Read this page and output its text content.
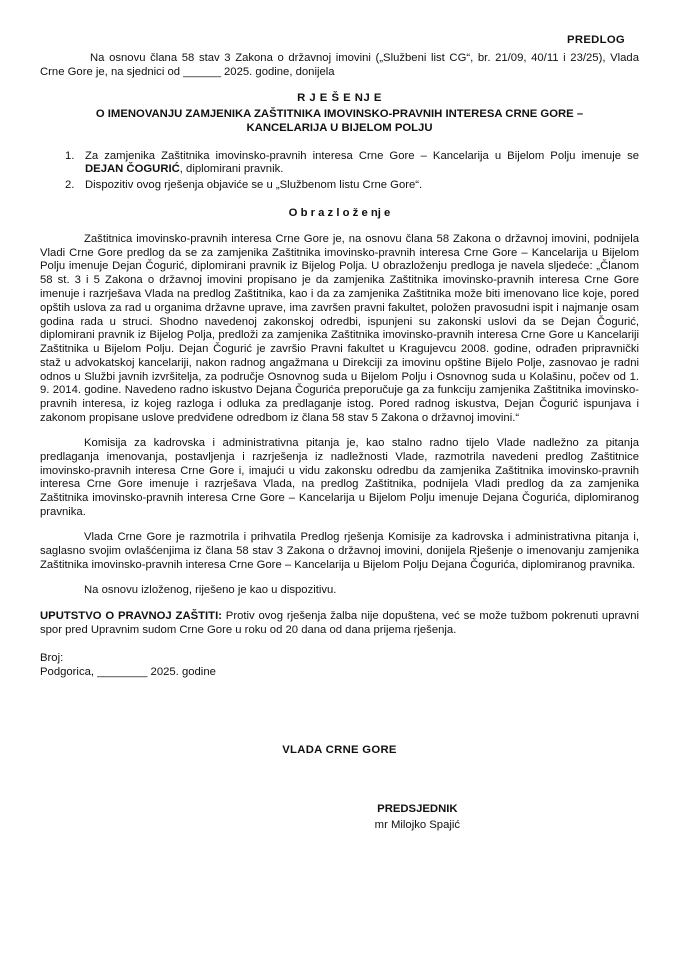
PREDLOG

Na osnovu člana 58 stav 3 Zakona o državnoj imovini („Službeni list CG“, br. 21/09, 40/11 i 23/25), Vlada Crne Gore je, na sjednici od ______ 2025. godine, donijela

R J E Š E NJ E
O IMENOVANJU ZAMJENIKA ZAŠTITNIKA IMOVINSKO-PRAVNIH INTERESA CRNE GORE – KANCELARIJA U BIJELOM POLJU
1. Za zamjenika Zaštitnika imovinsko-pravnih interesa Crne Gore – Kancelarija u Bijelom Polju imenuje se DEJAN ČOGURIĆ, diplomirani pravnik.
2. Dispozitiv ovog rješenja objaviće se u „Službenom listu Crne Gore“.
O b r a z l o ž e nj e

Zaštitnica imovinsko-pravnih interesa Crne Gore je, na osnovu člana 58 Zakona o državnoj imovini, podnijela Vladi Crne Gore predlog da se za zamjenika Zaštitnika imovinsko-pravnih interesa Crne Gore – Kancelarija u Bijelom Polju imenuje Dejan Čogurić, diplomirani pravnik iz Bijelog Polja. U obrazloženju predloga je navela sljedeće: „Članom 58 st. 3 i 5 Zakona o državnoj imovini propisano je da zamjenika Zaštitnika imovinsko-pravnih interesa Crne Gore imenuje i razrješava Vlada na predlog Zaštitnika, kao i da za zamjenika Zaštitnika može biti imenovano lice koje, pored opštih uslova za rad u organima državne uprave, ima završen pravni fakultet, položen pravosudni ispit i najmanje osam godina rada u struci. Shodno navedenoj zakonskoj odredbi, ispunjeni su zakonski uslovi da se Dejan Čogurić, diplomirani pravnik iz Bijelog Polja, predloži za zamjenika Zaštitnika imovinsko-pravnih interesa Crne Gore u Kancelariji Zaštitnika u Bijelom Polju. Dejan Čogurić je završio Pravni fakultet u Kragujevcu 2008. godine, odrađen pripravnički staž u advokatskoj kancelariji, nakon radnog angažmana u Direkciji za imovinu opštine Bijelo Polje, zasnovao je radni odnos u Službi javnih izvršitelja, za područje Osnovnog suda u Bijelom Polju i Osnovnog suda u Kolašinu, počev od 1. 9. 2014. godine. Navedeno radno iskustvo Dejana Čogurića preporučuje ga za funkciju zamjenika Zaštitnika imovinsko-pravnih interesa, iz kojeg razloga i odluka za predlaganje istog. Pored radnog iskustva, Dejan Čogurić ispunjava i zakonom propisane uslove predviđene odredbom iz člana 58 stav 5 Zakona o državnoj imovini.“

Komisija za kadrovska i administrativna pitanja je, kao stalno radno tijelo Vlade nadležno za pitanja predlaganja imenovanja, postavljenja i razrješenja iz nadležnosti Vlade, razmotrila navedeni predlog Zaštitnice imovinsko-pravnih interesa Crne Gore i, imajući u vidu zakonsku odredbu da zamjenika Zaštitnika imovinsko-pravnih interesa Crne Gore imenuje i razrješava Vlada, na predlog Zaštitnika, podnijela Vladi predlog da za zamjenika Zaštitnika imovinsko-pravnih interesa Crne Gore – Kancelarija u Bijelom Polju imenuje Dejana Čogurića, diplomiranog pravnika.

Vlada Crne Gore je razmotrila i prihvatila Predlog rješenja Komisije za kadrovska i administrativna pitanja i, saglasno svojim ovlašćenjima iz člana 58 stav 3 Zakona o državnoj imovini, donijela Rješenje o imenovanju zamjenika Zaštitnika imovinsko-pravnih interesa Crne Gore – Kancelarija u Bijelom Polju Dejana Čogurića, diplomiranog pravnika.

Na osnovu izloženog, riješeno je kao u dispozitivu.

UPUTSTVO O PRAVNOJ ZAŠTITI: Protiv ovog rješenja žalba nije dopuštena, već se može tužbom pokrenuti upravni spor pred Upravnim sudom Crne Gore u roku od 20 dana od dana prijema rješenja.

Broj:
Podgorica, ________ 2025. godine
VLADA CRNE GORE
PREDSJEDNIK
mr Milojko Spajić
